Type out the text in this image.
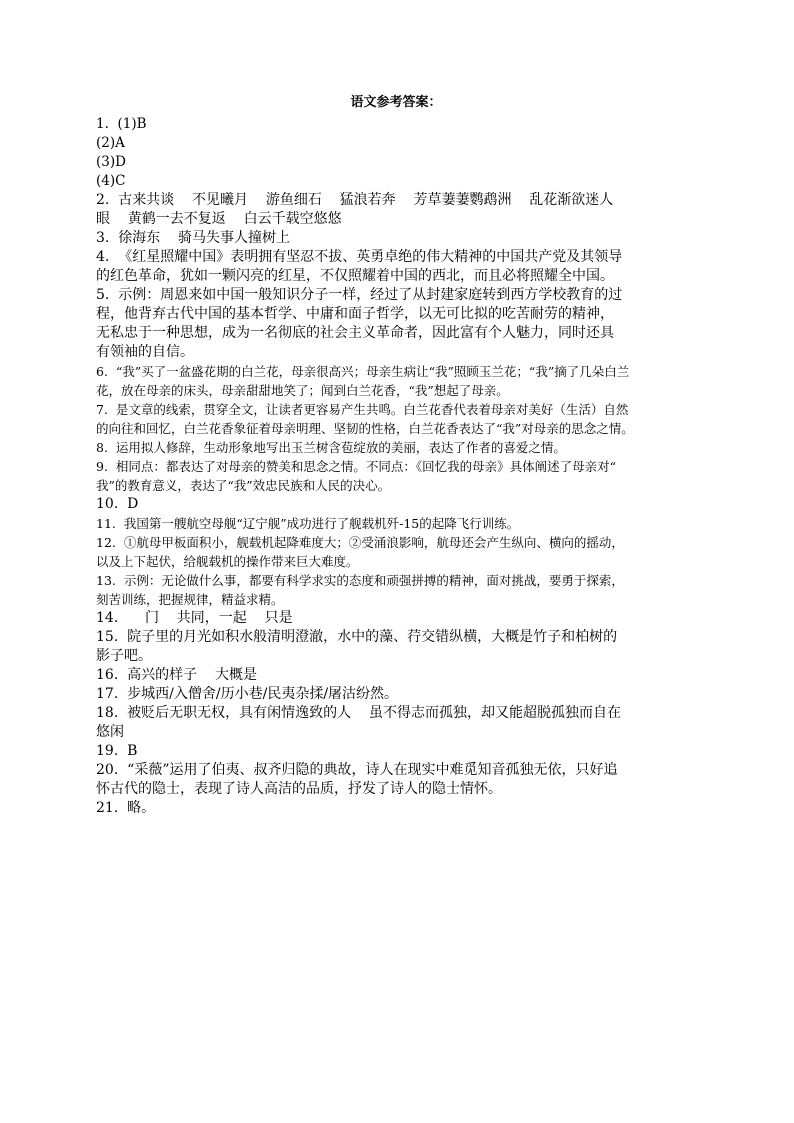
语文参考答案：

1.  (1)B

(2)A

(3)D

(4)C

2.  古来共谈    不见曦月    游鱼细石    猛浪若奔    芳草萋萋鹦鹉洲    乱花渐欲迷人

眼    黄鹤一去不复返    白云千载空悠悠

3.  徐海东    骑马失事人撞树上

4.  《红星照耀中国》表明拥有坚忍不拔、英勇卓绝的伟大精神的中国共产党及其领导

的红色革命，犹如一颗闪亮的红星，不仅照耀着中国的西北，而且必将照耀全中国。

5.  示例：周恩来如中国一般知识分子一样，经过了从封建家庭转到西方学校教育的过

程，他背弃古代中国的基本哲学、中庸和面子哲学，以无可比拟的吃苦耐劳的精神，

无私忠于一种思想，成为一名彻底的社会主义革命者，因此富有个人魅力，同时还具

有领袖的自信。

6.  “我”买了一盆盛花期的白兰花，母亲很高兴；母亲生病让“我”照顾玉兰花；“我”摘了几朵白兰

花，放在母亲的床头，母亲甜甜地笑了；闻到白兰花香，“我”想起了母亲。

7.  是文章的线索，贯穿全文，让读者更容易产生共鸣。白兰花香代表着母亲对美好（生活）自然

的向往和回忆，白兰花香象征着母亲明理、坚韧的性格，白兰花香表达了“我”对母亲的思念之情。

8.  运用拟人修辞，生动形象地写出玉兰树含苞绽放的美丽，表达了作者的喜爱之情。

9.  相同点：都表达了对母亲的赞美和思念之情。不同点：《回忆我的母亲》具体阐述了母亲对“

我”的教育意义，表达了“我”效忠民族和人民的决心。

10.  D

11.  我国第一艘航空母舰“辽宁舰”成功进行了舰载机歼-15的起降飞行训练。

12.  ①航母甲板面积小，舰载机起降难度大；②受涌浪影响，航母还会产生纵向、横向的摇动，

以及上下起伏，给舰载机的操作带来巨大难度。

13.  示例：无论做什么事，都要有科学求实的态度和顽强拼搏的精神，面对挑战，要勇于探索，

刻苦训练，把握规律，精益求精。

14.      门    共同，一起    只是

15.  院子里的月光如积水般清明澄澈，水中的藻、荇交错纵横，大概是竹子和柏树的

影子吧。

16.  高兴的样子    大概是

17.  步城西/入僧舍/历小巷/民夷杂揉/屠沽纷然。

18.  被贬后无职无权，具有闲情逸致的人    虽不得志而孤独，却又能超脱孤独而自在

悠闲

19.  B

20.  “采薇”运用了伯夷、叔齐归隐的典故，诗人在现实中难觅知音孤独无依，只好追

怀古代的隐士，表现了诗人高洁的品质，抒发了诗人的隐士情怀。

21.  略。
